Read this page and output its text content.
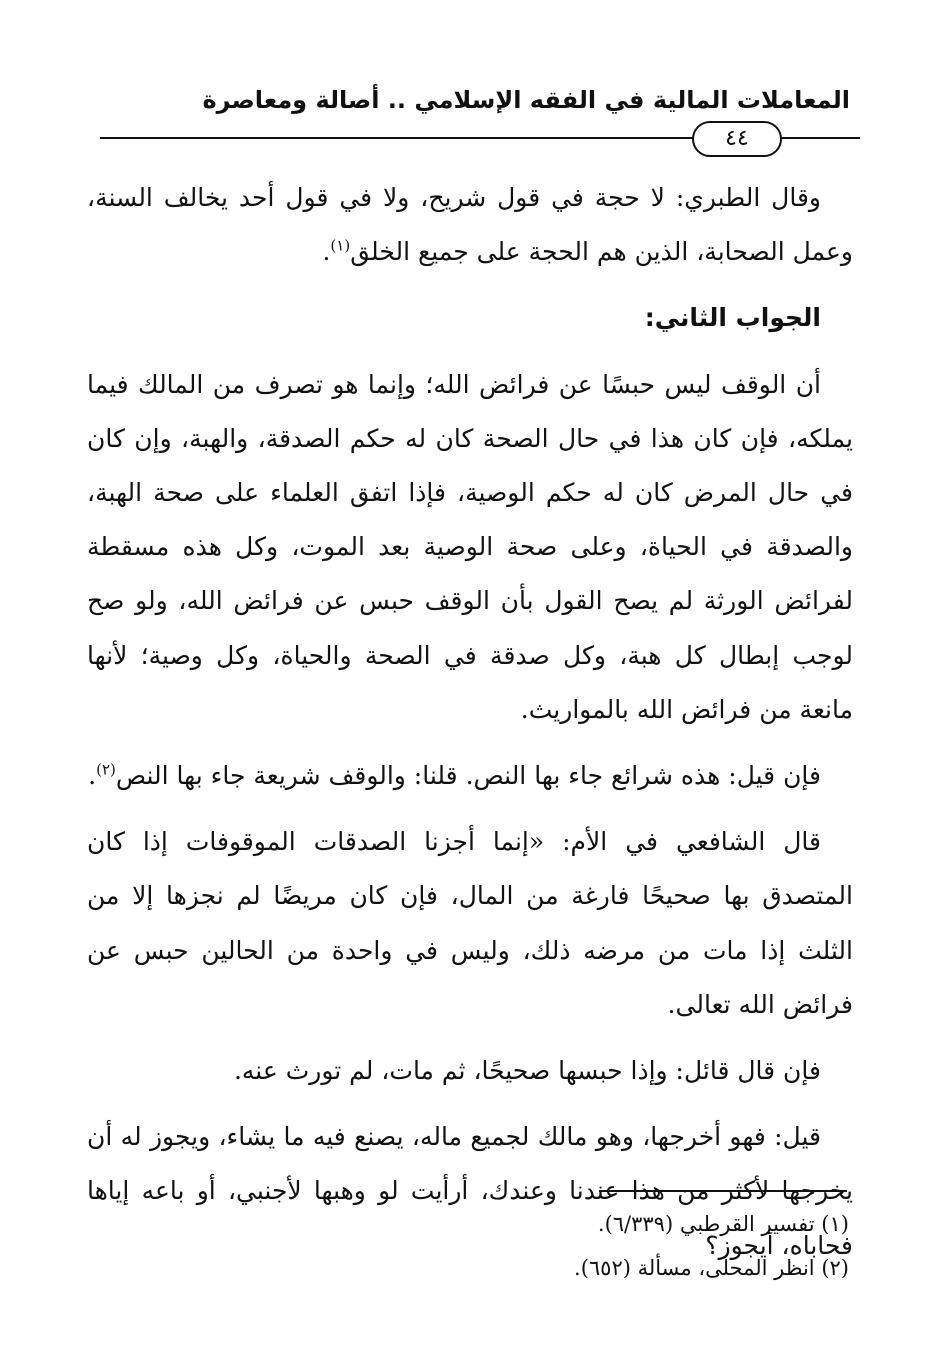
المعاملات المالية في الفقه الإسلامي .. أصالة ومعاصرة
٤٤

وقال الطبري: لا حجة في قول شريح، ولا في قول أحد يخالف السنة، وعمل الصحابة، الذين هم الحجة على جميع الخلق$^{(١)}$.

الجواب الثاني:

أن الوقف ليس حبسًا عن فرائض الله؛ وإنما هو تصرف من المالك فيما يملكه، فإن كان هذا في حال الصحة كان له حكم الصدقة، والهبة، وإن كان في حال المرض كان له حكم الوصية، فإذا اتفق العلماء على صحة الهبة، والصدقة في الحياة، وعلى صحة الوصية بعد الموت، وكل هذه مسقطة لفرائض الورثة لم يصح القول بأن الوقف حبس عن فرائض الله، ولو صح لوجب إبطال كل هبة، وكل صدقة في الصحة والحياة، وكل وصية؛ لأنها مانعة من فرائض الله بالمواريث.

فإن قيل: هذه شرائع جاء بها النص. قلنا: والوقف شريعة جاء بها النص$^{(٢)}$.

قال الشافعي في الأم: «إنما أجزنا الصدقات الموقوفات إذا كان المتصدق بها صحيحًا فارغة من المال، فإن كان مريضًا لم نجزها إلا من الثلث إذا مات من مرضه ذلك، وليس في واحدة من الحالين حبس عن فرائض الله تعالى.

فإن قال قائل: وإذا حبسها صحيحًا، ثم مات، لم تورث عنه.

قيل: فهو أخرجها، وهو مالك لجميع ماله، يصنع فيه ما يشاء، ويجوز له أن يخرجها لأكثر من هذا عندنا وعندك، أرأيت لو وهبها لأجنبي، أو باعه إياها فحاباه، أيجوز؟

(١) تفسير القرطبي (٦/٣٣٩).
(٢) انظر المحلى، مسألة (٦٥٢).
